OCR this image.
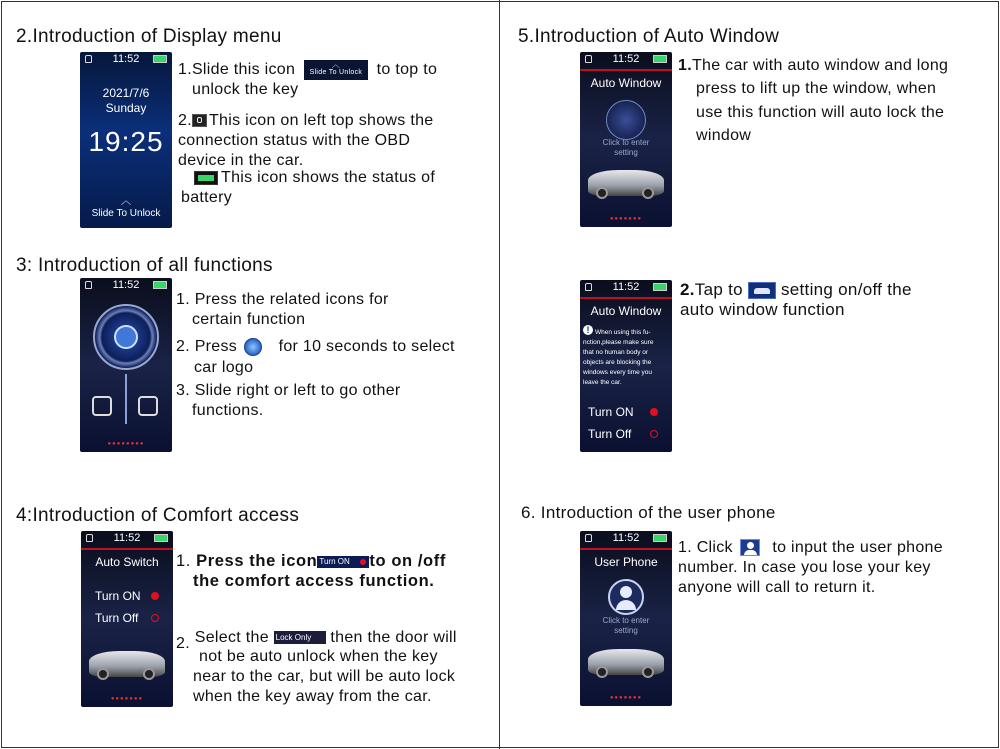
2.Introduction of Display menu
11:52
2021/7/6
Sunday
19:25
︿
Slide To Unlock
1.Slide this icon	︿
Slide To Unlock to top to
unlock the key
2. This icon on left top shows the
connection status with the OBD
device in the car.
This icon shows the status of
battery
3: Introduction of all functions
11:52
●●●●●●●●
1. Press the related icons for
certain function
2. Press	for 10 seconds to select
car logo
3. Slide right or left to go other
functions.
4:Introduction of Comfort access
11:52
Auto Switch
Turn ON
Turn Off
●●●●●●●
1. Press the icon Turn ON to on /off
the comfort access function.
2. Select the Lock Only then the door will
not be auto unlock when the key
near to the car, but will be auto lock
when the key away from the car.
5.Introduction of Auto Window
11:52
Auto Window
Click to enter
setting
●●●●●●●
1.The car with auto window and long
press to lift up the window, when
use this function will auto lock the
window
11:52
Auto Window
! When using this fu-
nction,please make sure
that no human body or
objects are blocking the
windows every time you
leave the car.
Turn ON
Turn Off
2.Tap to setting on/off the
auto window function
6. Introduction of the user phone
11:52
User Phone
Click to enter
setting
●●●●●●●
1. Click to input the user phone
number. In case you lose your key
anyone will call to return it.
